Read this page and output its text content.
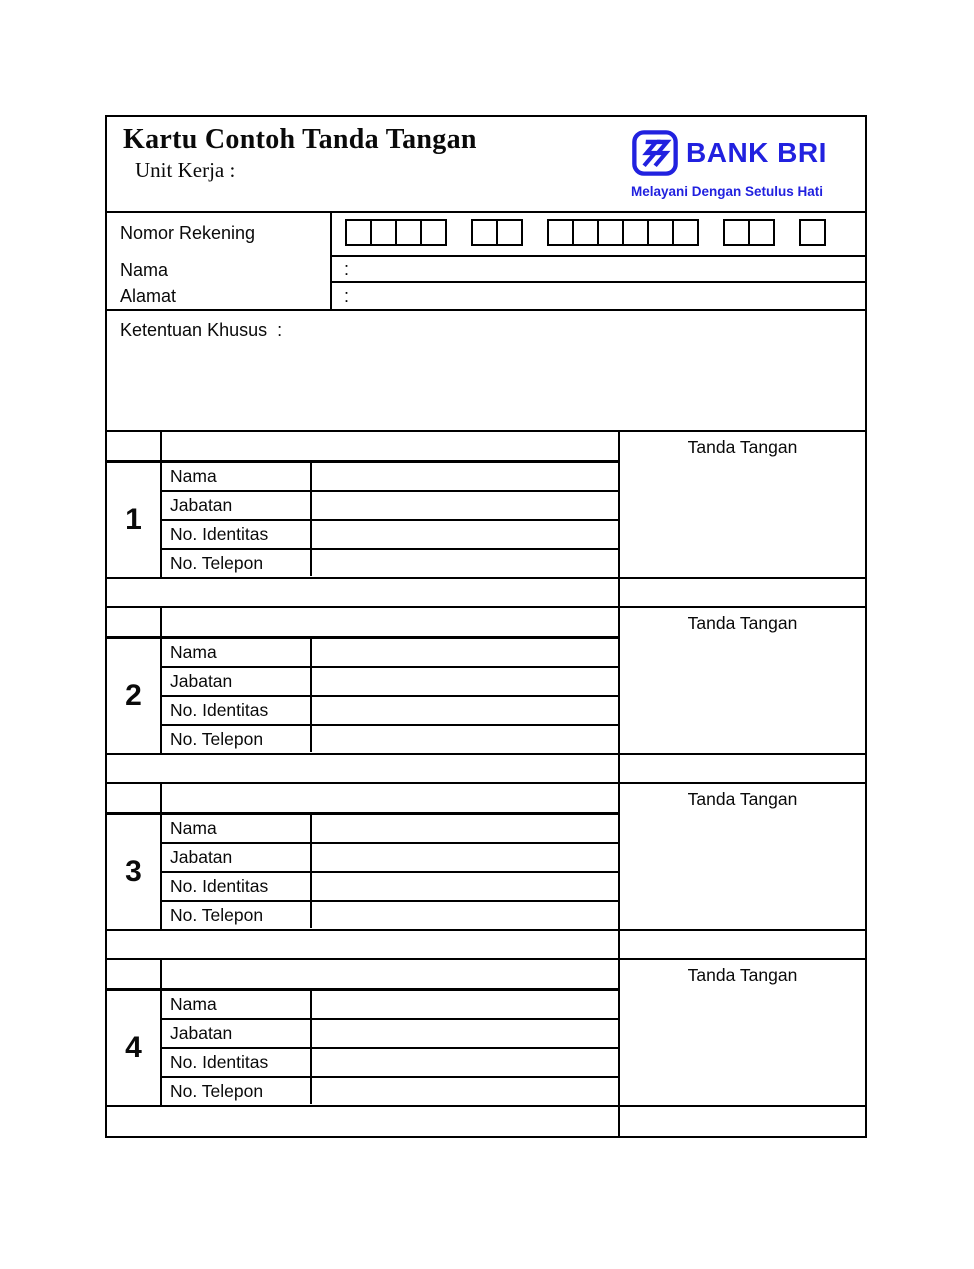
Kartu Contoh Tanda Tangan
Unit Kerja :
BANK BRI
Melayani Dengan Setulus Hati
Nomor Rekening
Nama
Alamat
:
:
Ketentuan Khusus :
1
Nama
Jabatan
No. Identitas
No. Telepon
Tanda Tangan
2
Nama
Jabatan
No. Identitas
No. Telepon
Tanda Tangan
3
Nama
Jabatan
No. Identitas
No. Telepon
Tanda Tangan
4
Nama
Jabatan
No. Identitas
No. Telepon
Tanda Tangan
